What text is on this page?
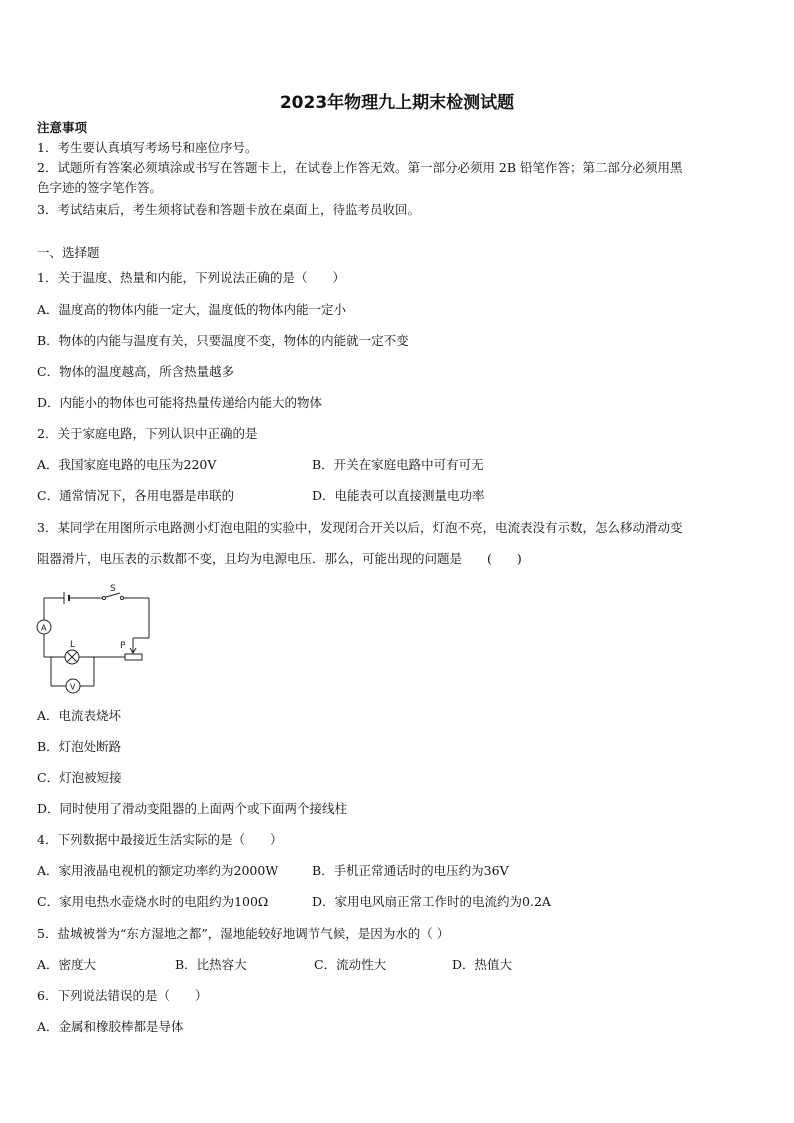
2023年物理九上期末检测试题
注意事项
1．考生要认真填写考场号和座位序号。
2．试题所有答案必须填涂或书写在答题卡上，在试卷上作答无效。第一部分必须用 2B 铅笔作答；第二部分必须用黑
色字迹的签字笔作答。
3．考试结束后，考生须将试卷和答题卡放在桌面上，待监考员收回。
一、选择题
1．关于温度、热量和内能，下列说法正确的是（　　）
A．温度高的物体内能一定大，温度低的物体内能一定小
B．物体的内能与温度有关，只要温度不变，物体的内能就一定不变
C．物体的温度越高，所含热量越多
D．内能小的物体也可能将热量传递给内能大的物体
2．关于家庭电路，下列认识中正确的是
A．我国家庭电路的电压为220V	B．开关在家庭电路中可有可无
C．通常情况下，各用电器是串联的	D．电能表可以直接测量电功率
3．某同学在用图所示电路测小灯泡电阻的实验中，发现闭合开关以后，灯泡不亮，电流表没有示数，怎么移动滑动变
阻器滑片，电压表的示数都不变，且均为电源电压．那么，可能出现的问题是　　(　　)
S
A
L	P
V
A．电流表烧坏
B．灯泡处断路
C．灯泡被短接
D．同时使用了滑动变阻器的上面两个或下面两个接线柱
4．下列数据中最接近生活实际的是（　　）
A．家用液晶电视机的额定功率约为2000W	B．手机正常通话时的电压约为36V
C．家用电热水壶烧水时的电阻约为100Ω	D．家用电风扇正常工作时的电流约为0.2A
5．盐城被誉为“东方湿地之都”，湿地能较好地调节气候，是因为水的（ ）
A．密度大	B．比热容大	C．流动性大	D．热值大
6．下列说法错误的是（　　）
A．金属和橡胶棒都是导体
